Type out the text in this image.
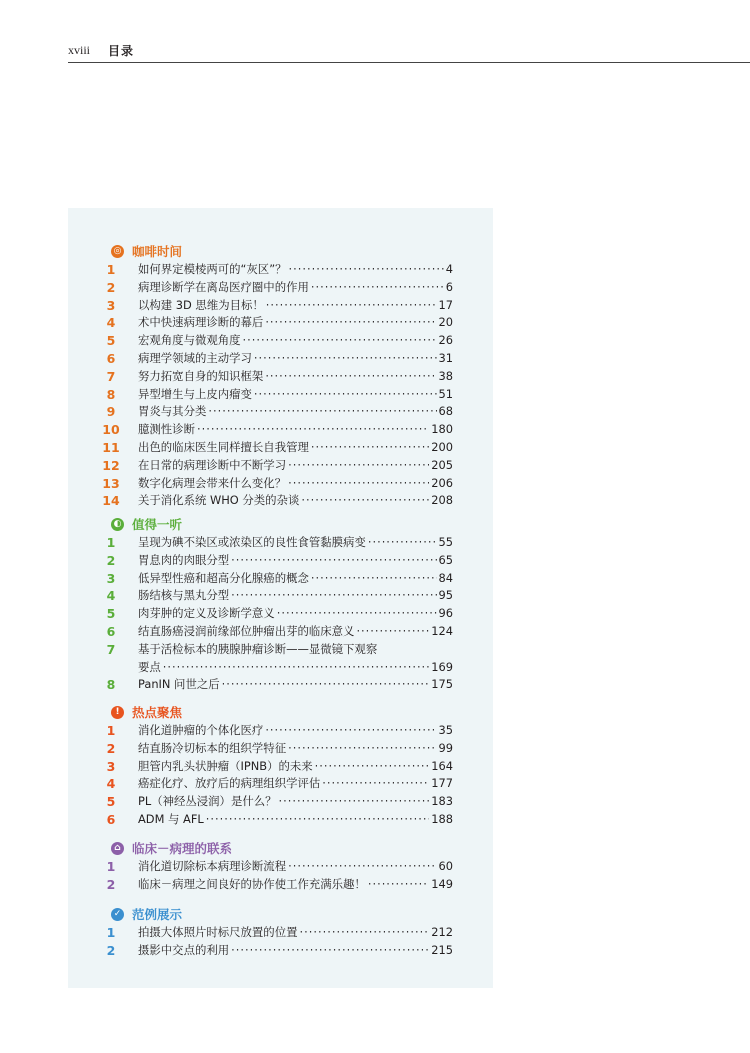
xviii 目录
◎ 咖啡时间
1	如何界定模棱两可的“灰区”？ ·····	4
2	病理诊断学在离岛医疗圈中的作用 ·····	6
3	以构建 3D 思维为目标！ ·····	17
4	术中快速病理诊断的幕后 ·····	20
5	宏观角度与微观角度 ·····	26
6	病理学领域的主动学习 ·····	31
7	努力拓宽自身的知识框架 ·····	38
8	异型增生与上皮内瘤变 ·····	51
9	胃炎与其分类 ·····	68
10	臆测性诊断 ·····	180
11	出色的临床医生同样擅长自我管理 ·····	200
12	在日常的病理诊断中不断学习 ·····	205
13	数字化病理会带来什么变化？ ·····	206
14	关于消化系统 WHO 分类的杂谈 ·····	208
◐ 值得一听
1	呈现为碘不染区或浓染区的良性食管黏膜病变 ·····	55
2	胃息肉的肉眼分型 ·····	65
3	低异型性癌和超高分化腺癌的概念 ·····	84
4	肠结核与黑丸分型 ·····	95
5	肉芽肿的定义及诊断学意义 ·····	96
6	结直肠癌浸润前缘部位肿瘤出芽的临床意义 ·····	124
7	基于活检标本的胰腺肿瘤诊断——显微镜下观察
要点 ·····	169
8	PanIN 问世之后 ·····	175
! 热点聚焦
1	消化道肿瘤的个体化医疗 ·····	35
2	结直肠冷切标本的组织学特征 ·····	99
3	胆管内乳头状肿瘤（IPNB）的未来 ·····	164
4	癌症化疗、放疗后的病理组织学评估 ·····	177
5	PL（神经丛浸润）是什么？ ·····	183
6	ADM 与 AFL ·····	188
⌂ 临床－病理的联系
1	消化道切除标本病理诊断流程 ·····	60
2	临床－病理之间良好的协作使工作充满乐趣！ ·····	149
✓ 范例展示
1	拍摄大体照片时标尺放置的位置 ·····	212
2	摄影中交点的利用 ·····	215
